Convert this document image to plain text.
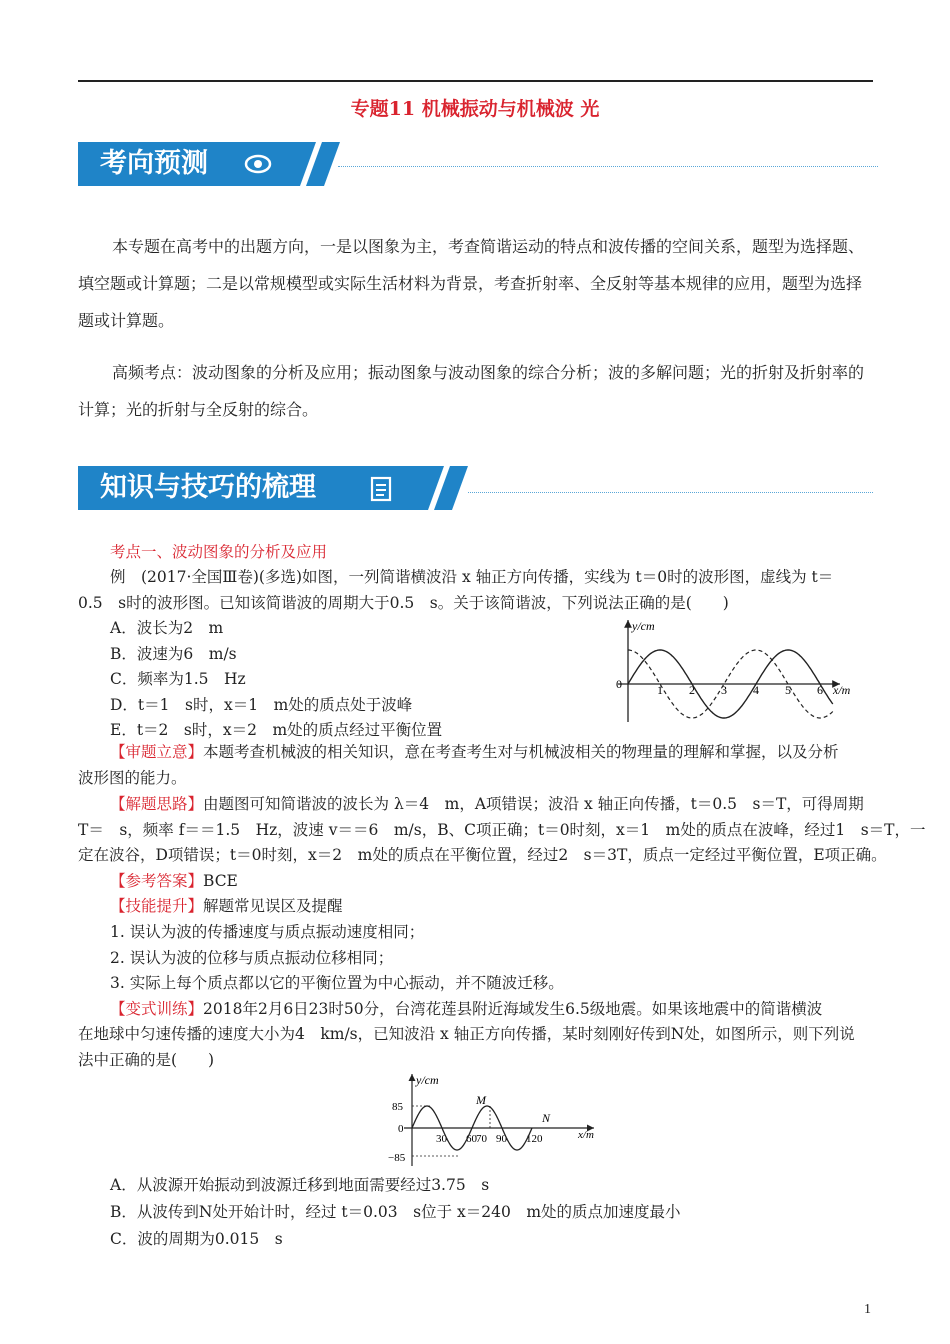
专题11 机械振动与机械波 光
考向预测
本专题在高考中的出题方向，一是以图象为主，考查简谐运动的特点和波传播的空间关系，题型为选择题、
填空题或计算题；二是以常规模型或实际生活材料为背景，考查折射率、全反射等基本规律的应用，题型为选择
题或计算题。
高频考点：波动图象的分析及应用；振动图象与波动图象的综合分析；波的多解问题；光的折射及折射率的
计算；光的折射与全反射的综合。
知识与技巧的梳理
考点一、波动图象的分析及应用
例　(2017·全国Ⅲ卷)(多选)如图，一列简谐横波沿 x 轴正方向传播，实线为 t＝0时的波形图，虚线为 t＝
0.5　s时的波形图。已知该简谐波的周期大于0.5　s。关于该简谐波，下列说法正确的是(　　)
A．波长为2　m
B．波速为6　m/s
C．频率为1.5　Hz
D．t＝1　s时，x＝1　m处的质点处于波峰
E．t＝2　s时，x＝2　m处的质点经过平衡位置
y/cm
x/m
0	1 2 3 4 5 6
【审题立意】本题考查机械波的相关知识，意在考查考生对与机械波相关的物理量的理解和掌握，以及分析
波形图的能力。
【解题思路】由题图可知简谐波的波长为 λ＝4　m，A项错误；波沿 x 轴正向传播，t＝0.5　s＝T，可得周期
T＝　s，频率 f＝＝1.5　Hz，波速 v＝＝6　m/s，B、C项正确；t＝0时刻，x＝1　m处的质点在波峰，经过1　s＝T，一
定在波谷，D项错误；t＝0时刻，x＝2　m处的质点在平衡位置，经过2　s＝3T，质点一定经过平衡位置，E项正确。
【参考答案】BCE
【技能提升】解题常见误区及提醒
1. 误认为波的传播速度与质点振动速度相同；
2. 误认为波的位移与质点振动位移相同；
3. 实际上每个质点都以它的平衡位置为中心振动，并不随波迁移。
【变式训练】2018年2月6日23时50分，台湾花莲县附近海域发生6.5级地震。如果该地震中的简谐横波
在地球中匀速传播的速度大小为4　km/s，已知波沿 x 轴正方向传播，某时刻刚好传到N处，如图所示，则下列说
法中正确的是(　　)
y/cm
x/m
0
85
−85
30 60 70 90 120
M
N
A．从波源开始振动到波源迁移到地面需要经过3.75　s
B．从波传到N处开始计时，经过 t＝0.03　s位于 x＝240　m处的质点加速度最小
C．波的周期为0.015　s
1
